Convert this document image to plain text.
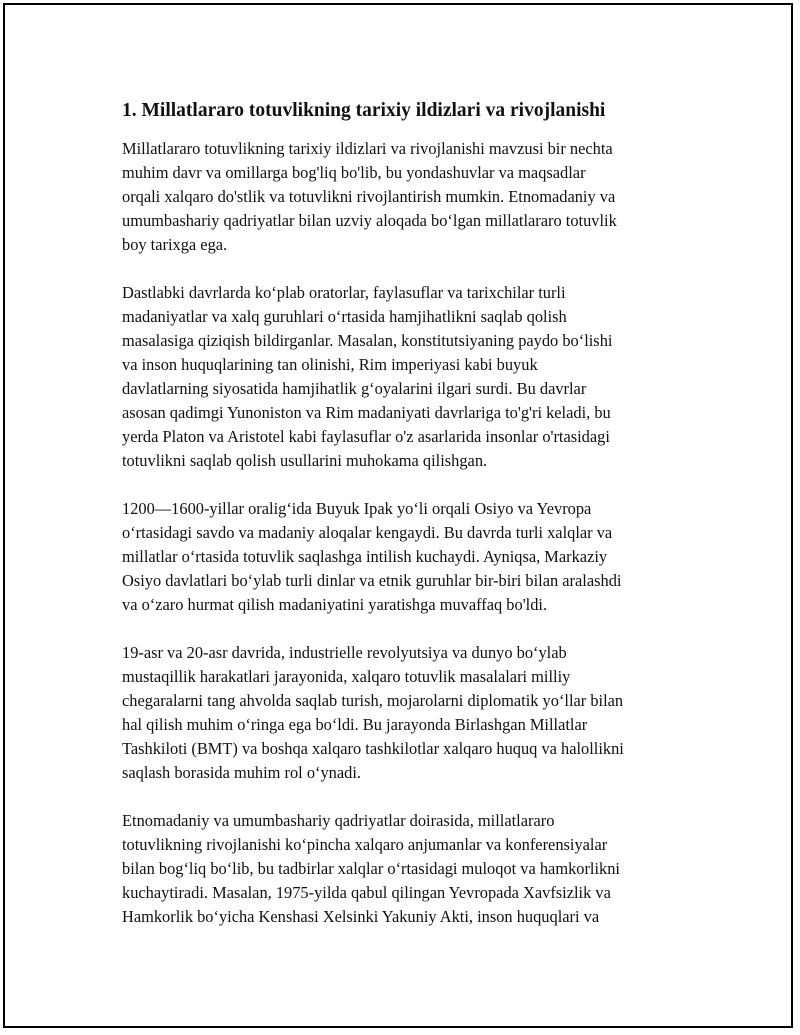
1. Millatlararo totuvlikning tarixiy ildizlari va rivojlanishi

Millatlararo totuvlikning tarixiy ildizlari va rivojlanishi mavzusi bir nechta
muhim davr va omillarga bog'liq bo'lib, bu yondashuvlar va maqsadlar
orqali xalqaro do'stlik va totuvlikni rivojlantirish mumkin. Etnomadaniy va
umumbashariy qadriyatlar bilan uzviy aloqada bo‘lgan millatlararo totuvlik
boy tarixga ega.

Dastlabki davrlarda ko‘plab oratorlar, faylasuflar va tarixchilar turli
madaniyatlar va xalq guruhlari o‘rtasida hamjihatlikni saqlab qolish
masalasiga qiziqish bildirganlar. Masalan, konstitutsiyaning paydo bo‘lishi
va inson huquqlarining tan olinishi, Rim imperiyasi kabi buyuk
davlatlarning siyosatida hamjihatlik g‘oyalarini ilgari surdi. Bu davrlar
asosan qadimgi Yunoniston va Rim madaniyati davrlariga to'g'ri keladi, bu
yerda Platon va Aristotel kabi faylasuflar o'z asarlarida insonlar o'rtasidagi
totuvlikni saqlab qolish usullarini muhokama qilishgan.

1200—1600-yillar oralig‘ida Buyuk Ipak yo‘li orqali Osiyo va Yevropa
o‘rtasidagi savdo va madaniy aloqalar kengaydi. Bu davrda turli xalqlar va
millatlar o‘rtasida totuvlik saqlashga intilish kuchaydi. Ayniqsa, Markaziy
Osiyo davlatlari bo‘ylab turli dinlar va etnik guruhlar bir-biri bilan aralashdi
va o‘zaro hurmat qilish madaniyatini yaratishga muvaffaq bo'ldi.

19-asr va 20-asr davrida, industrielle revolyutsiya va dunyo bo‘ylab
mustaqillik harakatlari jarayonida, xalqaro totuvlik masalalari milliy
chegaralarni tang ahvolda saqlab turish, mojarolarni diplomatik yo‘llar bilan
hal qilish muhim o‘ringa ega bo‘ldi. Bu jarayonda Birlashgan Millatlar
Tashkiloti (BMT) va boshqa xalqaro tashkilotlar xalqaro huquq va halollikni
saqlash borasida muhim rol o‘ynadi.

Etnomadaniy va umumbashariy qadriyatlar doirasida, millatlararo
totuvlikning rivojlanishi ko‘pincha xalqaro anjumanlar va konferensiyalar
bilan bog‘liq bo‘lib, bu tadbirlar xalqlar o‘rtasidagi muloqot va hamkorlikni
kuchaytiradi. Masalan, 1975-yilda qabul qilingan Yevropada Xavfsizlik va
Hamkorlik bo‘yicha Kenshasi Xelsinki Yakuniy Akti, inson huquqlari va
